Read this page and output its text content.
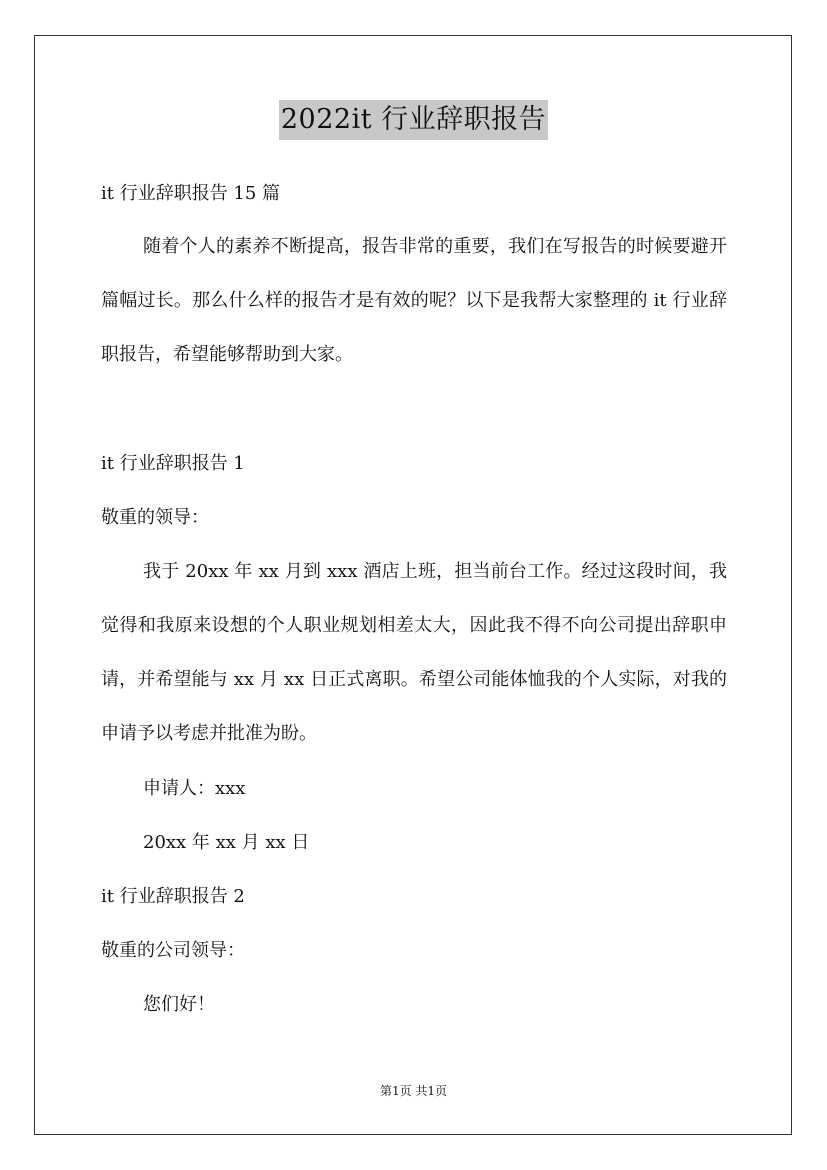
2022it 行业辞职报告
it 行业辞职报告 15 篇

随着个人的素养不断提高，报告非常的重要，我们在写报告的时候要避开篇幅过长。那么什么样的报告才是有效的呢？以下是我帮大家整理的 it 行业辞职报告，希望能够帮助到大家。

it 行业辞职报告 1
敬重的领导：

我于 20xx 年 xx 月到 xxx 酒店上班，担当前台工作。经过这段时间，我觉得和我原来设想的个人职业规划相差太大，因此我不得不向公司提出辞职申请，并希望能与 xx 月 xx 日正式离职。希望公司能体恤我的个人实际，对我的申请予以考虑并批准为盼。

申请人：xxx
20xx 年 xx 月 xx 日
it 行业辞职报告 2
敬重的公司领导：
您们好！
第1页 共1页
